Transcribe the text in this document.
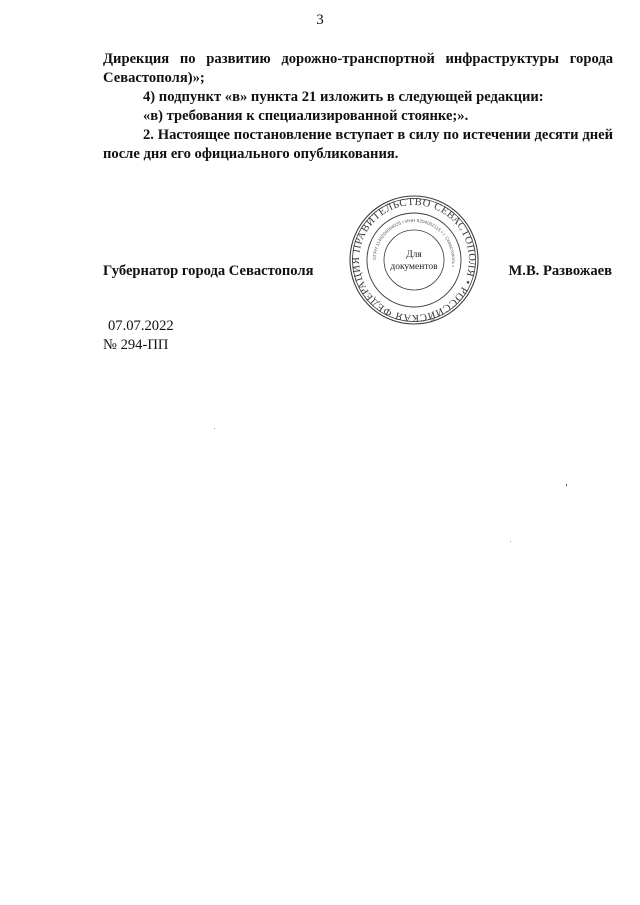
3

Дирекция по развитию дорожно-транспортной инфраструктуры города

Севастополя)»;

4) подпункт «в» пункта 21 изложить в следующей редакции:

«в) требования к специализированной стоянке;».

2. Настоящее постановление вступает в силу по истечении десяти дней после дня его официального опубликования.

Губернатор города Севастополя
ПРАВИТЕЛЬСТВО СЕВАСТОПОЛЯ • РОССИЙСКАЯ ФЕДЕРАЦИЯ	ОГРН 1149204004025 • ИНН 9204002115 • г. Севастополь •
Для
документов	М.В. Развожаев
07.07.2022
№ 294-ПП
